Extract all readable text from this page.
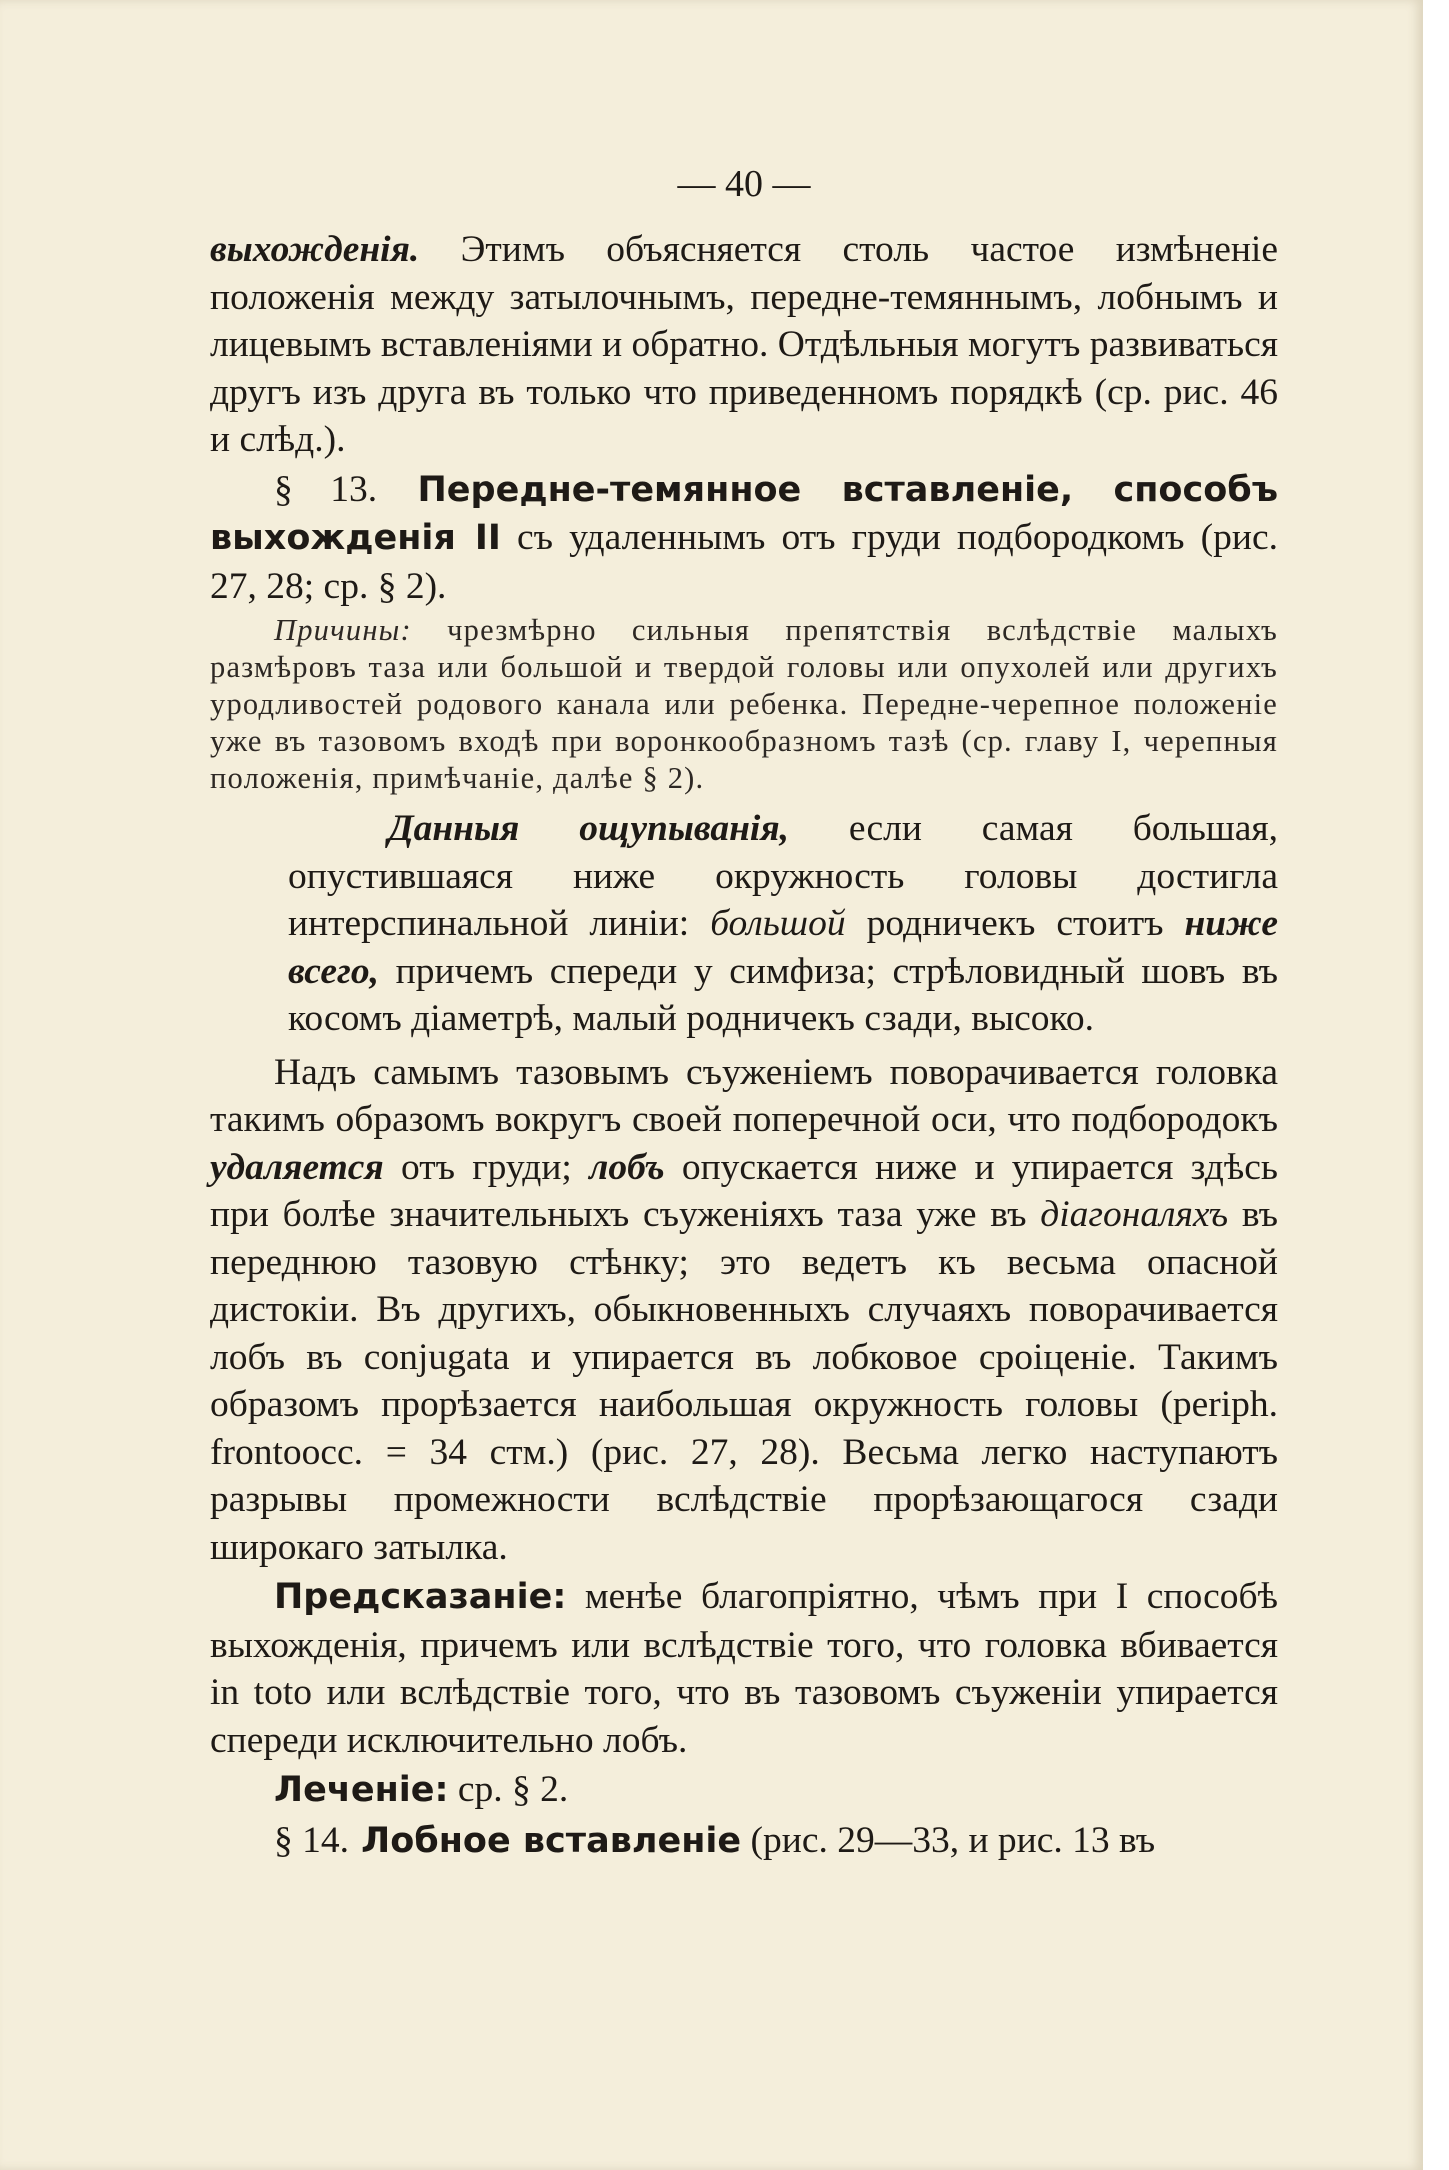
— 40 —

выхожденія. Этимъ объясняется столь частое измѣненіе положенія между затылочнымъ, передне-темяннымъ, лобнымъ и лицевымъ вставленіями и обратно. Отдѣльныя могутъ развиваться другъ изъ друга въ только что приведенномъ порядкѣ (ср. рис. 46 и слѣд.).

§ 13. Передне-темянное вставленіе, способъ выхожденія II съ удаленнымъ отъ груди подбородкомъ (рис. 27, 28; ср. § 2).

Причины: чрезмѣрно сильныя препятствія вслѣдствіе малыхъ размѣровъ таза или большой и твердой головы или опухолей или другихъ уродливостей родового канала или ребенка. Передне-черепное положеніе уже въ тазовомъ входѣ при воронкообразномъ тазѣ (ср. главу I, черепныя положенія, примѣчаніе, далѣе § 2).

Данныя ощупыванія, если самая большая, опустившаяся ниже окружность головы достигла интерспинальной линіи: большой родничекъ стоитъ ниже всего, причемъ спереди у симфиза; стрѣловидный шовъ въ косомъ діаметрѣ, малый родничекъ сзади, высоко.

Надъ самымъ тазовымъ съуженіемъ поворачивается головка такимъ образомъ вокругъ своей поперечной оси, что подбородокъ удаляется отъ груди; лобъ опускается ниже и упирается здѣсь при болѣе значительныхъ съуженіяхъ таза уже въ діагоналяхъ въ переднюю тазовую стѣнку; это ведетъ къ весьма опасной дистокіи. Въ другихъ, обыкновенныхъ случаяхъ поворачивается лобъ въ conjugata и упирается въ лобковое сроіценіе. Такимъ образомъ прорѣзается наибольшая окружность головы (periph. frontoocc. = 34 стм.) (рис. 27, 28). Весьма легко наступаютъ разрывы промежности вслѣдствіе прорѣзающагося сзади широкаго затылка.

Предсказаніе: менѣе благопріятно, чѣмъ при I способѣ выхожденія, причемъ или вслѣдствіе того, что головка вбивается in toto или вслѣдствіе того, что въ тазовомъ съуженіи упирается спереди исключительно лобъ.

Леченіе: ср. § 2.

§ 14. Лобное вставленіе (рис. 29—33, и рис. 13 въ
